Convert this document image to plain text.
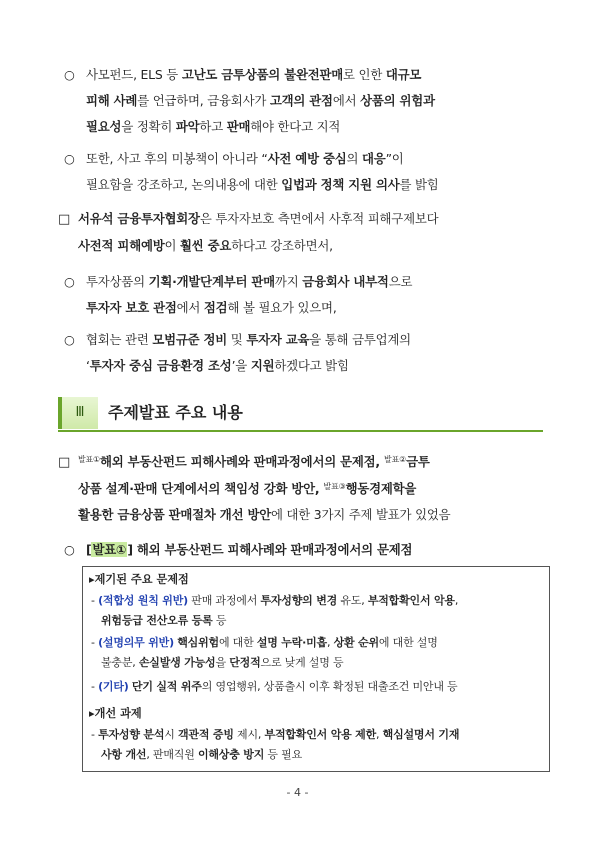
○ 사모펀드, ELS 등 고난도 금투상품의 불완전판매로 인한 대규모
피해 사례를 언급하며, 금융회사가 고객의 관점에서 상품의 위험과
필요성을 정확히 파악하고 판매해야 한다고 지적
○ 또한, 사고 후의 미봉책이 아니라 “사전 예방 중심의 대응”이
필요함을 강조하고, 논의내용에 대한 입법과 정책 지원 의사를 밝힘
□ 서유석 금융투자협회장은 투자자보호 측면에서 사후적 피해구제보다
사전적 피해예방이 훨씬 중요하다고 강조하면서,
○ 투자상품의 기획·개발단계부터 판매까지 금융회사 내부적으로
투자자 보호 관점에서 점검해 볼 필요가 있으며,
○ 협회는 관련 모범규준 정비 및 투자자 교육을 통해 금투업계의
‘투자자 중심 금융환경 조성’을 지원하겠다고 밝힘
Ⅲ	주제발표 주요 내용
□ $^{발표①}$해외 부동산펀드 피해사례와 판매과정에서의 문제점, $^{발표②}$금투
상품 설계·판매 단계에서의 책임성 강화 방안, $^{발표③}$행동경제학을
활용한 금융상품 판매절차 개선 방안에 대한 3가지 주제 발표가 있었음
○ [발표①] 해외 부동산펀드 피해사례와 판매과정에서의 문제점
▸제기된 주요 문제점
- (적합성 원칙 위반) 판매 과정에서 투자성향의 변경 유도, 부적합확인서 악용,
위험등급 전산오류 등록 등
- (설명의무 위반) 핵심위험에 대한 설명 누락·미흡, 상환 순위에 대한 설명
불충분, 손실발생 가능성을 단정적으로 낮게 설명 등
- (기타) 단기 실적 위주의 영업행위, 상품출시 이후 확정된 대출조건 미안내 등
▸개선 과제
- 투자성향 분석시 객관적 증빙 제시, 부적합확인서 악용 제한, 핵심설명서 기재
사항 개선, 판매직원 이해상충 방지 등 필요
- 4 -
